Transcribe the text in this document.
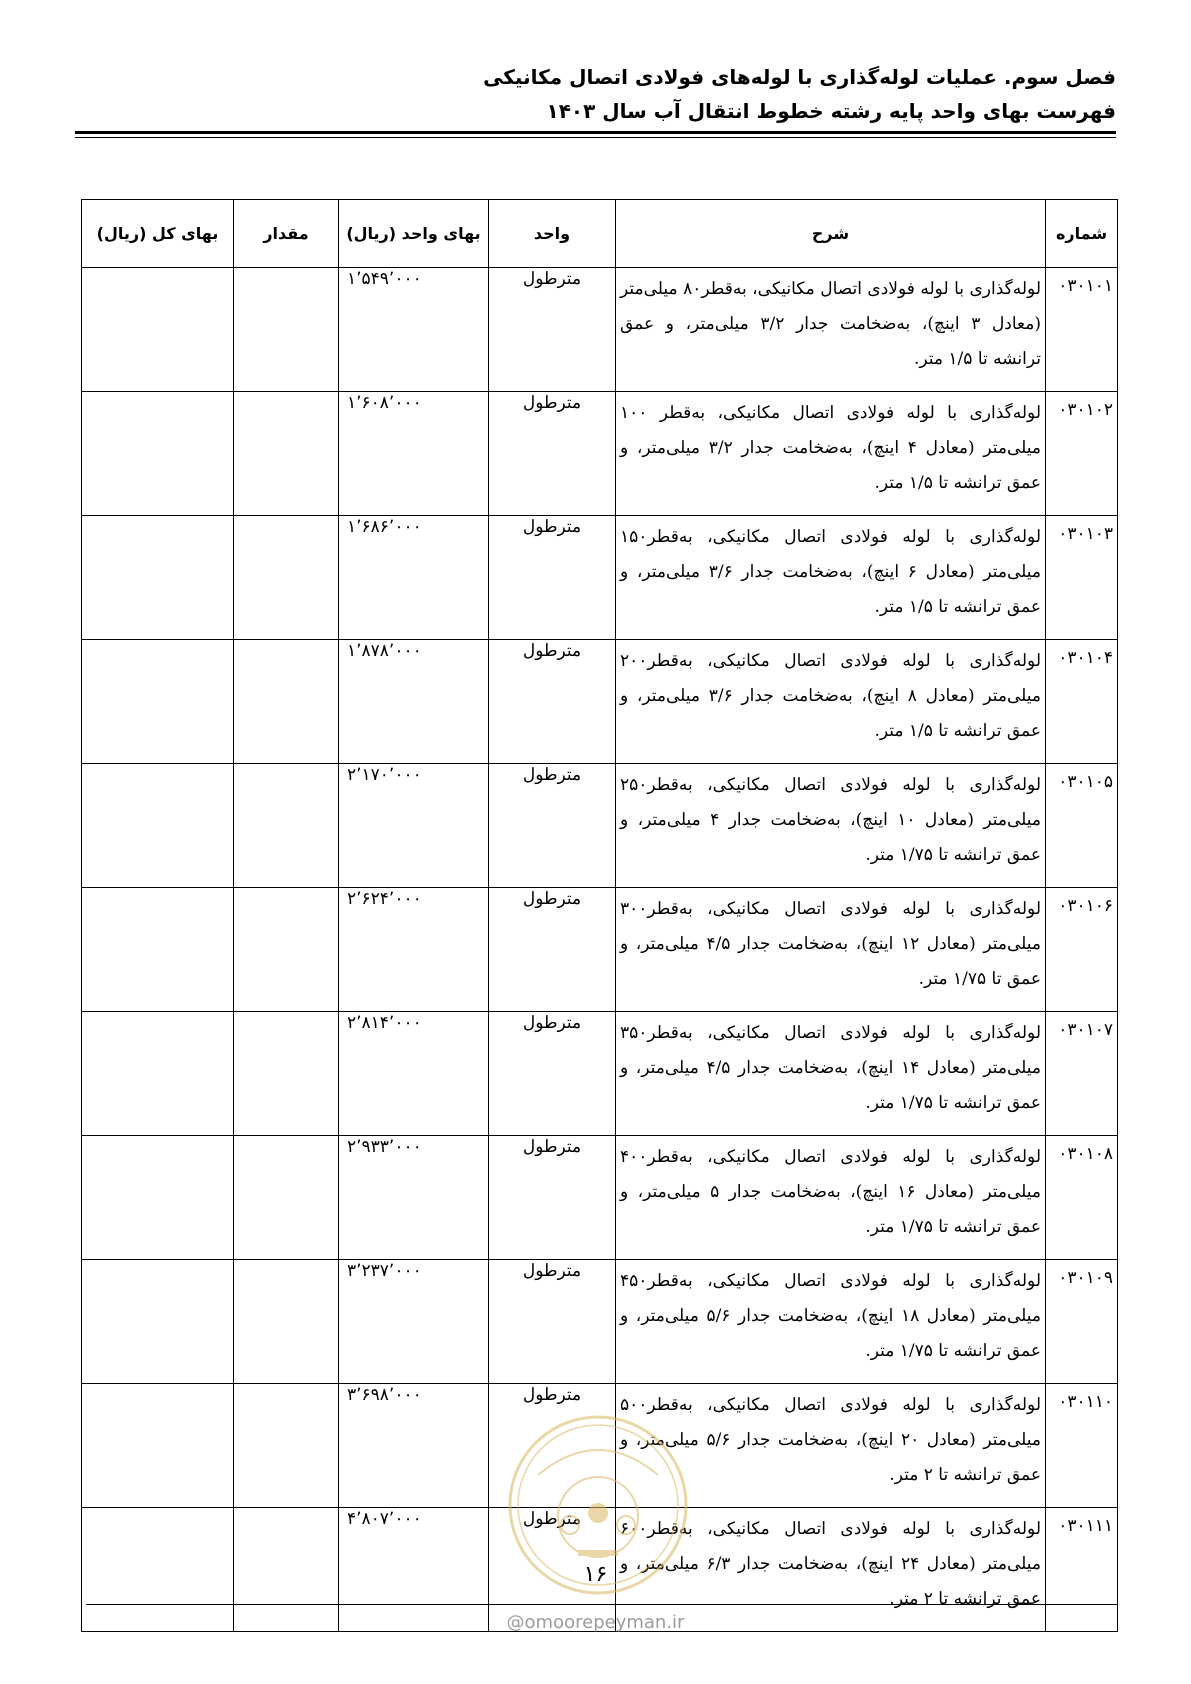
فصل سوم. عملیات لوله‌گذاری با لوله‌های فولادی اتصال مکانیکی
فهرست بهای واحد پایه رشته خطوط انتقال آب سال ۱۴۰۳
شماره	شرح	واحد	بهای واحد (ریال)	مقدار	بهای کل (ریال)
۰۳۰۱۰۱	لوله‌گذاری با لوله فولادی اتصال مکانیکی، به‌قطر۸۰ میلی‌متر (معادل ۳ اینچ)، به‌ضخامت جدار ۳/۲ میلی‌متر، و عمق ترانشه تا ۱/۵ متر.	مترطول	۱٬۵۴۹٬۰۰۰		
۰۳۰۱۰۲	لوله‌گذاری با لوله فولادی اتصال مکانیکی، به‌قطر ۱۰۰ میلی‌متر (معادل ۴ اینچ)، به‌ضخامت جدار ۳/۲ میلی‌متر، و عمق ترانشه تا ۱/۵ متر.	مترطول	۱٬۶۰۸٬۰۰۰		
۰۳۰۱۰۳	لوله‌گذاری با لوله فولادی اتصال مکانیکی، به‌قطر۱۵۰ میلی‌متر (معادل ۶ اینچ)، به‌ضخامت جدار ۳/۶ میلی‌متر، و عمق ترانشه تا ۱/۵ متر.	مترطول	۱٬۶۸۶٬۰۰۰		
۰۳۰۱۰۴	لوله‌گذاری با لوله فولادی اتصال مکانیکی، به‌قطر۲۰۰ میلی‌متر (معادل ۸ اینچ)، به‌ضخامت جدار ۳/۶ میلی‌متر، و عمق ترانشه تا ۱/۵ متر.	مترطول	۱٬۸۷۸٬۰۰۰		
۰۳۰۱۰۵	لوله‌گذاری با لوله فولادی اتصال مکانیکی، به‌قطر۲۵۰ میلی‌متر (معادل ۱۰ اینچ)، به‌ضخامت جدار ۴ میلی‌متر، و عمق ترانشه تا ۱/۷۵ متر.	مترطول	۲٬۱۷۰٬۰۰۰		
۰۳۰۱۰۶	لوله‌گذاری با لوله فولادی اتصال مکانیکی، به‌قطر۳۰۰ میلی‌متر (معادل ۱۲ اینچ)، به‌ضخامت جدار ۴/۵ میلی‌متر، و عمق تا ۱/۷۵ متر.	مترطول	۲٬۶۲۴٬۰۰۰		
۰۳۰۱۰۷	لوله‌گذاری با لوله فولادی اتصال مکانیکی، به‌قطر۳۵۰ میلی‌متر (معادل ۱۴ اینچ)، به‌ضخامت جدار ۴/۵ میلی‌متر، و عمق ترانشه تا ۱/۷۵ متر.	مترطول	۲٬۸۱۴٬۰۰۰		
۰۳۰۱۰۸	لوله‌گذاری با لوله فولادی اتصال مکانیکی، به‌قطر۴۰۰ میلی‌متر (معادل ۱۶ اینچ)، به‌ضخامت جدار ۵ میلی‌متر، و عمق ترانشه تا ۱/۷۵ متر.	مترطول	۲٬۹۳۳٬۰۰۰		
۰۳۰۱۰۹	لوله‌گذاری با لوله فولادی اتصال مکانیکی، به‌قطر۴۵۰ میلی‌متر (معادل ۱۸ اینچ)، به‌ضخامت جدار ۵/۶ میلی‌متر، و عمق ترانشه تا ۱/۷۵ متر.	مترطول	۳٬۲۳۷٬۰۰۰		
۰۳۰۱۱۰	لوله‌گذاری با لوله فولادی اتصال مکانیکی، به‌قطر۵۰۰ میلی‌متر (معادل ۲۰ اینچ)، به‌ضخامت جدار ۵/۶ میلی‌متر، و عمق ترانشه تا ۲ متر.	مترطول	۳٬۶۹۸٬۰۰۰		
۰۳۰۱۱۱	لوله‌گذاری با لوله فولادی اتصال مکانیکی، به‌قطر۶۰۰ میلی‌متر (معادل ۲۴ اینچ)، به‌ضخامت جدار ۶/۳ میلی‌متر، و عمق ترانشه تا ۲ متر.	مترطول	۴٬۸۰۷٬۰۰۰		
۱۶
@omoorepeyman.ir
